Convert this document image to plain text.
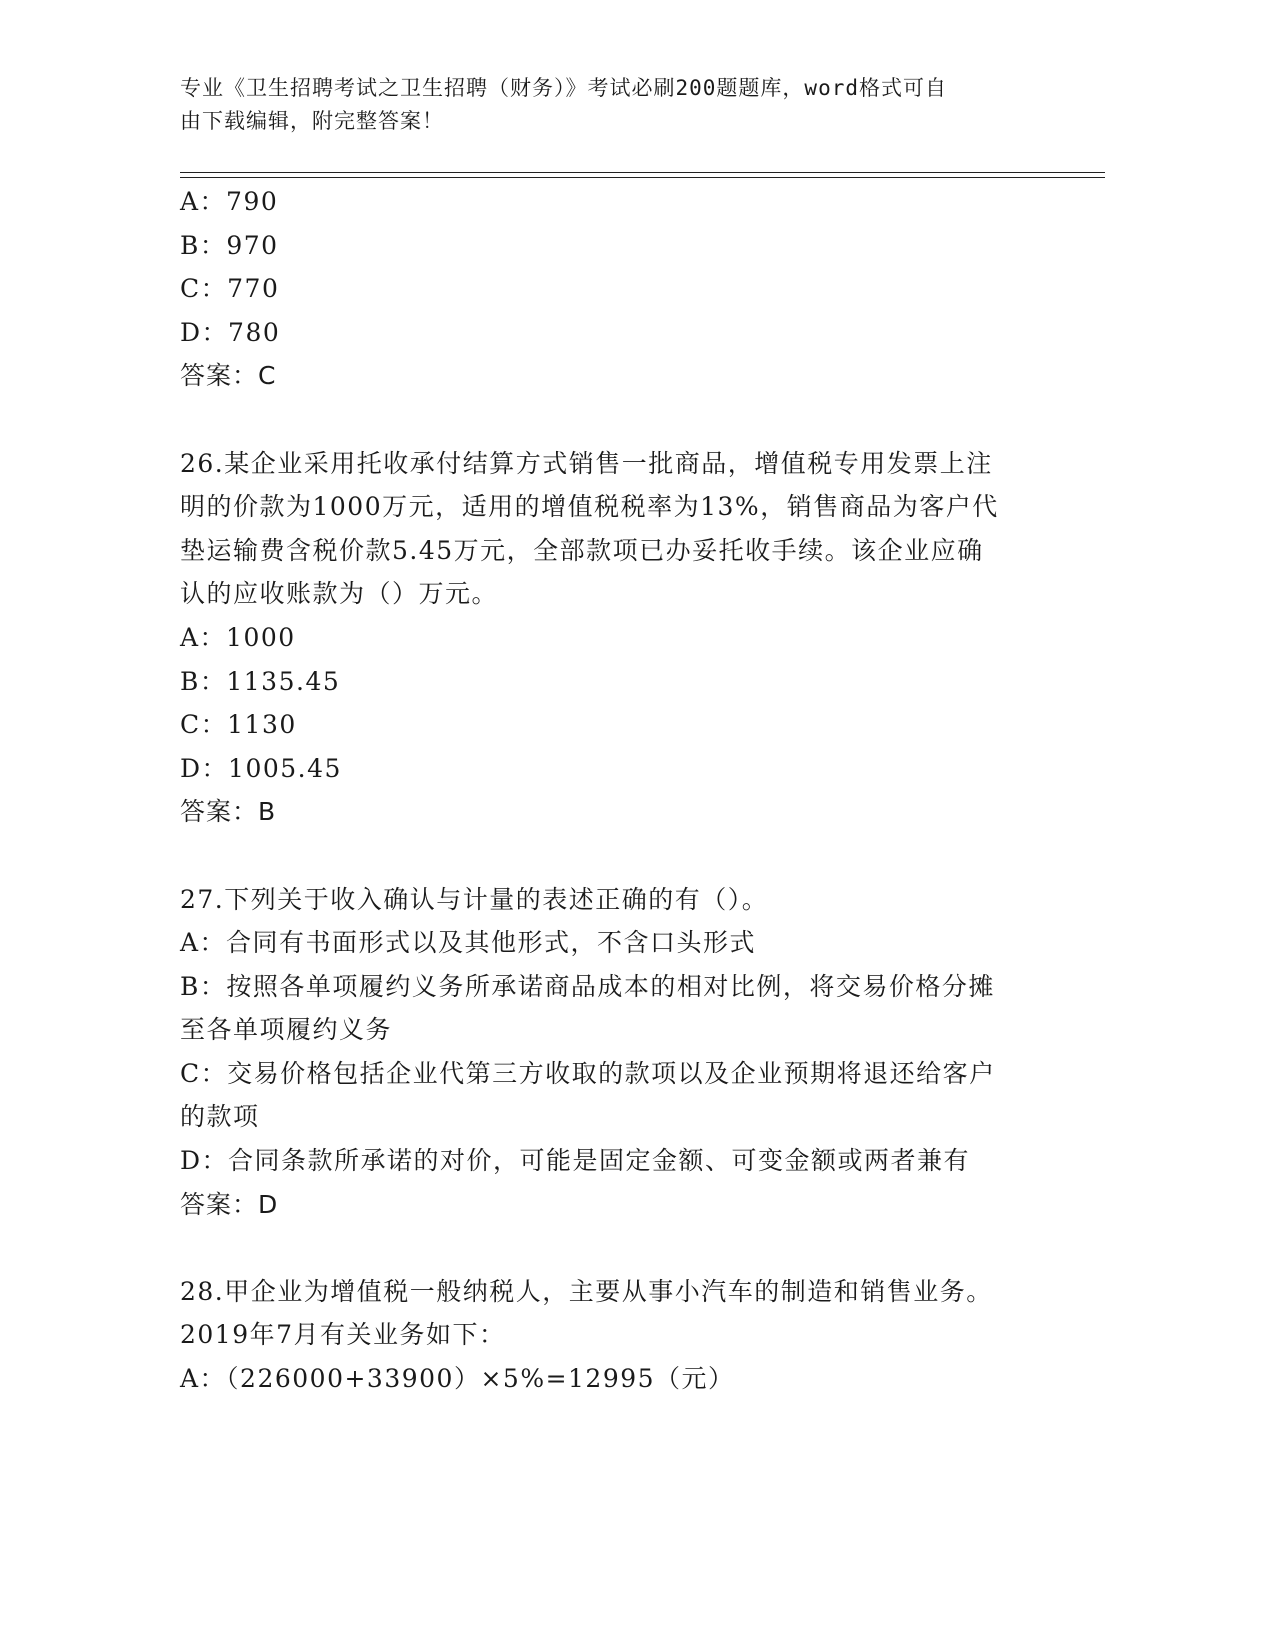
专业《卫生招聘考试之卫生招聘（财务）》考试必刷200题题库，word格式可自
由下载编辑，附完整答案！
A：790
B：970
C：770
D：780
答案：C
26.某企业采用托收承付结算方式销售一批商品，增值税专用发票上注
明的价款为1000万元，适用的增值税税率为13%，销售商品为客户代
垫运输费含税价款5.45万元，全部款项已办妥托收手续。该企业应确
认的应收账款为（）万元。
A：1000
B：1135.45
C：1130
D：1005.45
答案：B
27.下列关于收入确认与计量的表述正确的有（）。
A：合同有书面形式以及其他形式，不含口头形式
B：按照各单项履约义务所承诺商品成本的相对比例，将交易价格分摊
至各单项履约义务
C：交易价格包括企业代第三方收取的款项以及企业预期将退还给客户
的款项
D：合同条款所承诺的对价，可能是固定金额、可变金额或两者兼有
答案：D
28.甲企业为增值税一般纳税人，主要从事小汽车的制造和销售业务。
2019年7月有关业务如下：
A：（226000+33900）×5%=12995（元）
